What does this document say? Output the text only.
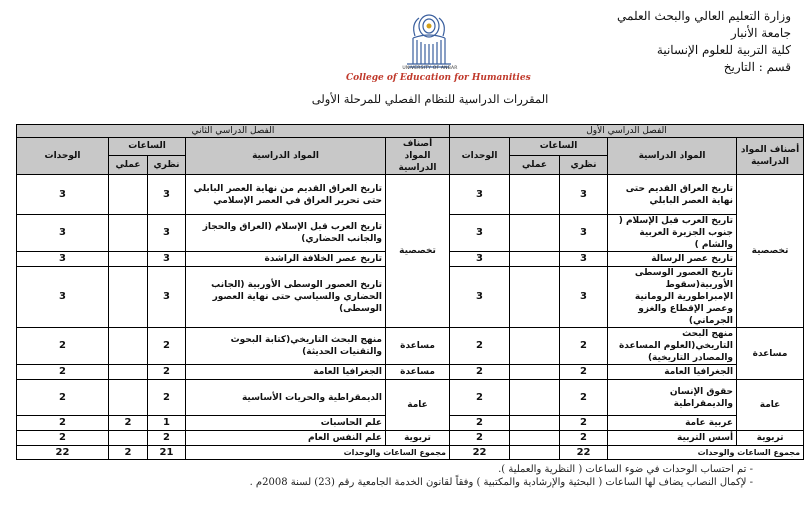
وزارة التعليم العالي والبحث العلمي
جامعة الأنبار
كلية التربية للعلوم الإنسانية
قسم : التاريخ
UNIVERSITY OF ANBAR
College of Education for Humanities
المقررات الدراسية للنظام الفصلي للمرحلة الأولى
الفصل الدراسي الأول					الفصل الدراسي الثاني				
أصناف المواد الدراسية	المواد الدراسية	الساعات		الوحدات	أصناف المواد الدراسية	المواد الدراسية	الساعات		الوحدات
		نظري	عملي				نظري	عملي	
تخصصية	تاريخ العراق القديم حتى نهاية العصر البابلي	3		3	تخصصية	تاريخ العراق القديم من نهاية العصر البابلي حتى تحرير العراق في العصر الإسلامي	3		3
	تاريخ العرب قبل الإسلام ( جنوب الجزيرة العربية والشام )	3		3		تاريخ العرب قبل الإسلام (العراق والحجاز والجانب الحضاري)	3		3
	تاريخ عصر الرسالة	3		3		تاريخ عصر الخلافة الراشدة	3		3
	تاريخ العصور الوسطى الأوربية(سقوط الإمبراطورية الرومانية وعصر الإقطاع والغزو الجرماني)	3		3		تاريخ العصور الوسطى الأوربية (الجانب الحضاري والسياسي حتى نهاية العصور الوسطى)	3		3
مساعدة	منهج البحث التاريخي(العلوم المساعدة والمصادر التاريخية)	2		2	مساعدة	منهج البحث التاريخي(كتابة البحوث والتقنيات الحديثة)	2		2
	الجغرافيا العامة	2		2	مساعدة	الجغرافيا العامة	2		2
عامة	حقوق الإنسان والديمقراطية	2		2	عامة	الديمقراطية والحريات الأساسية	2		2
	عربية عامة	2		2		علم الحاسبات	1	2	2
تربوية	أسس التربية	2		2	تربوية	علم النفس العام	2		2
مجموع الساعات والوحدات		22		22	مجموع الساعات والوحدات		21	2	22
- تم احتساب الوحدات في ضوء الساعات ( النظرية والعملية ).
- لإكمال النصاب يضاف لها الساعات ( البحثية والإرشادية والمكتبية ) وفقاً لقانون الخدمة الجامعية رقم (23) لسنة 2008م .
